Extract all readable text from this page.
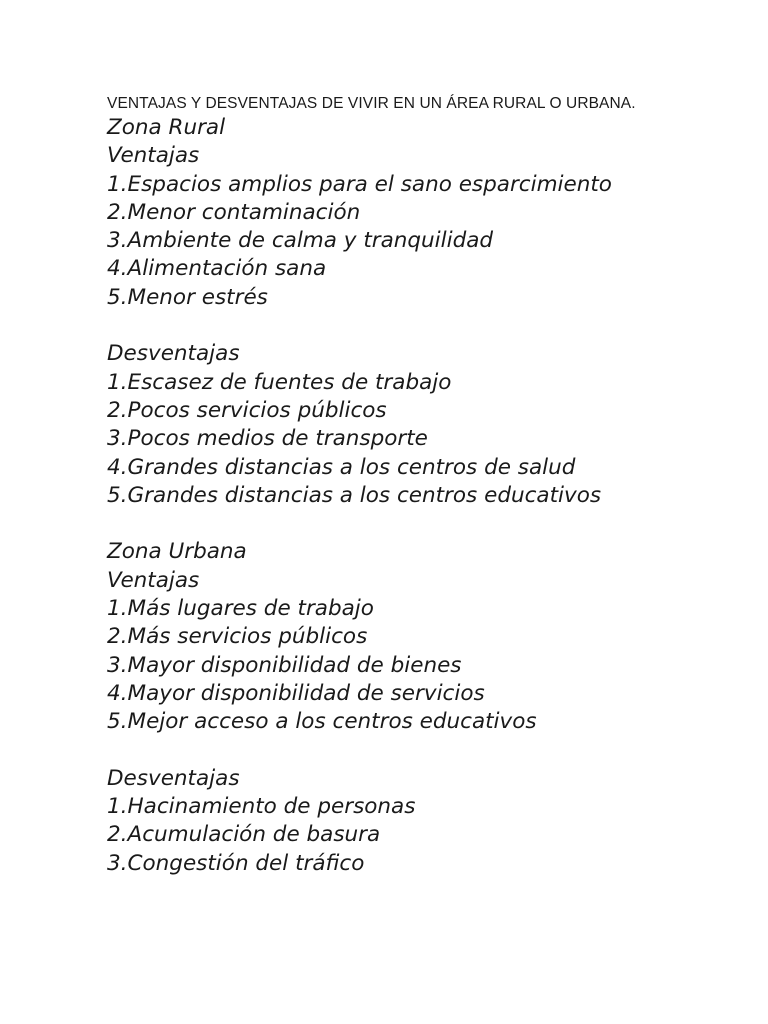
VENTAJAS Y DESVENTAJAS DE VIVIR EN UN ÁREA RURAL O URBANA.
Zona Rural
Ventajas
1.Espacios amplios para el sano esparcimiento
2.Menor contaminación
3.Ambiente de calma y tranquilidad
4.Alimentación sana
5.Menor estrés
Desventajas
1.Escasez de fuentes de trabajo
2.Pocos servicios públicos
3.Pocos medios de transporte
4.Grandes distancias a los centros de salud
5.Grandes distancias a los centros educativos
Zona Urbana
Ventajas
1.Más lugares de trabajo
2.Más servicios públicos
3.Mayor disponibilidad de bienes
4.Mayor disponibilidad de servicios
5.Mejor acceso a los centros educativos
Desventajas
1.Hacinamiento de personas
2.Acumulación de basura
3.Congestión del tráfico
